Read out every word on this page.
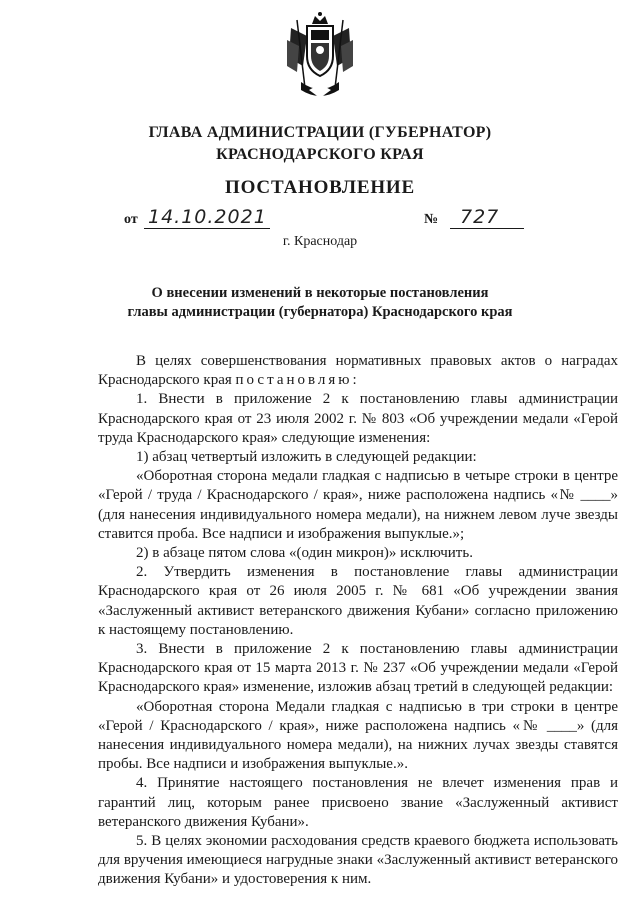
ГЛАВА АДМИНИСТРАЦИИ (ГУБЕРНАТОР)
КРАСНОДАРСКОГО КРАЯ
ПОСТАНОВЛЕНИЕ
от 14.10.2021	№ 727
г. Краснодар
О внесении изменений в некоторые постановления
главы администрации (губернатора) Краснодарского края

В целях совершенствования нормативных правовых актов о наградах Краснодарского края постановляю:

1. Внести в приложение 2 к постановлению главы администрации Краснодарского края от 23 июля 2002 г. № 803 «Об учреждении медали «Герой труда Краснодарского края» следующие изменения:

1) абзац четвертый изложить в следующей редакции:

«Оборотная сторона медали гладкая с надписью в четыре строки в центре «Герой / труда / Краснодарского / края», ниже расположена надпись «№ ____» (для нанесения индивидуального номера медали), на нижнем левом луче звезды ставится проба. Все надписи и изображения выпуклые.»;

2) в абзаце пятом слова «(один микрон)» исключить.

2. Утвердить изменения в постановление главы администрации Краснодарского края от 26 июля 2005 г. № 681 «Об учреждении звания «Заслуженный активист ветеранского движения Кубани» согласно приложению к настоящему постановлению.

3. Внести в приложение 2 к постановлению главы администрации Краснодарского края от 15 марта 2013 г. № 237 «Об учреждении медали «Герой Краснодарского края» изменение, изложив абзац третий в следующей редакции:

«Оборотная сторона Медали гладкая с надписью в три строки в центре «Герой / Краснодарского / края», ниже расположена надпись «№ ____» (для нанесения индивидуального номера медали), на нижних лучах звезды ставятся пробы. Все надписи и изображения выпуклые.».

4. Принятие настоящего постановления не влечет изменения прав и гарантий лиц, которым ранее присвоено звание «Заслуженный активист ветеранского движения Кубани».

5. В целях экономии расходования средств краевого бюджета использовать для вручения имеющиеся нагрудные знаки «Заслуженный активист ветеранского движения Кубани» и удостоверения к ним.
